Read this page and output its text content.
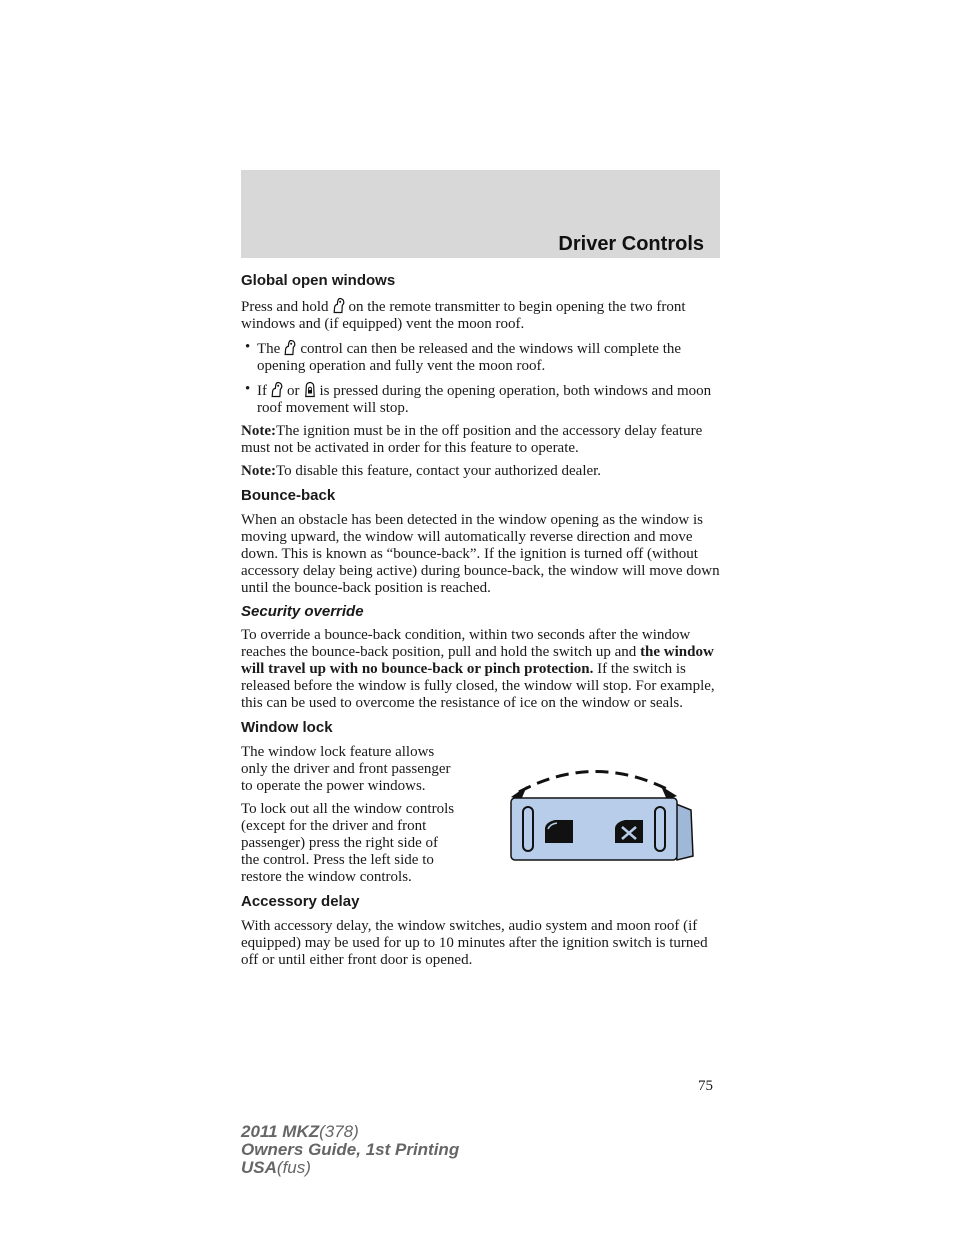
Driver Controls
Global open windows

Press and hold on the remote transmitter to begin opening the two front windows and (if equipped) vent the moon roof.

• The control can then be released and the windows will complete the opening operation and fully vent the moon roof.
• If or is pressed during the opening operation, both windows and moon roof movement will stop.

Note:The ignition must be in the off position and the accessory delay feature must not be activated in order for this feature to operate.

Note:To disable this feature, contact your authorized dealer.

Bounce-back

When an obstacle has been detected in the window opening as the window is moving upward, the window will automatically reverse direction and move down. This is known as “bounce-back”. If the ignition is turned off (without accessory delay being active) during bounce-back, the window will move down until the bounce-back position is reached.

Security override

To override a bounce-back condition, within two seconds after the window reaches the bounce-back position, pull and hold the switch up and the window will travel up with no bounce-back or pinch protection. If the switch is released before the window is fully closed, the window will stop. For example, this can be used to overcome the resistance of ice on the window or seals.

Window lock

The window lock feature allows only the driver and front passenger to operate the power windows.

To lock out all the window controls (except for the driver and front passenger) press the right side of the control. Press the left side to restore the window controls.

Accessory delay

With accessory delay, the window switches, audio system and moon roof (if equipped) may be used for up to 10 minutes after the ignition switch is turned off or until either front door is opened.

75
2011 MKZ(378)
Owners Guide, 1st Printing
USA(fus)
